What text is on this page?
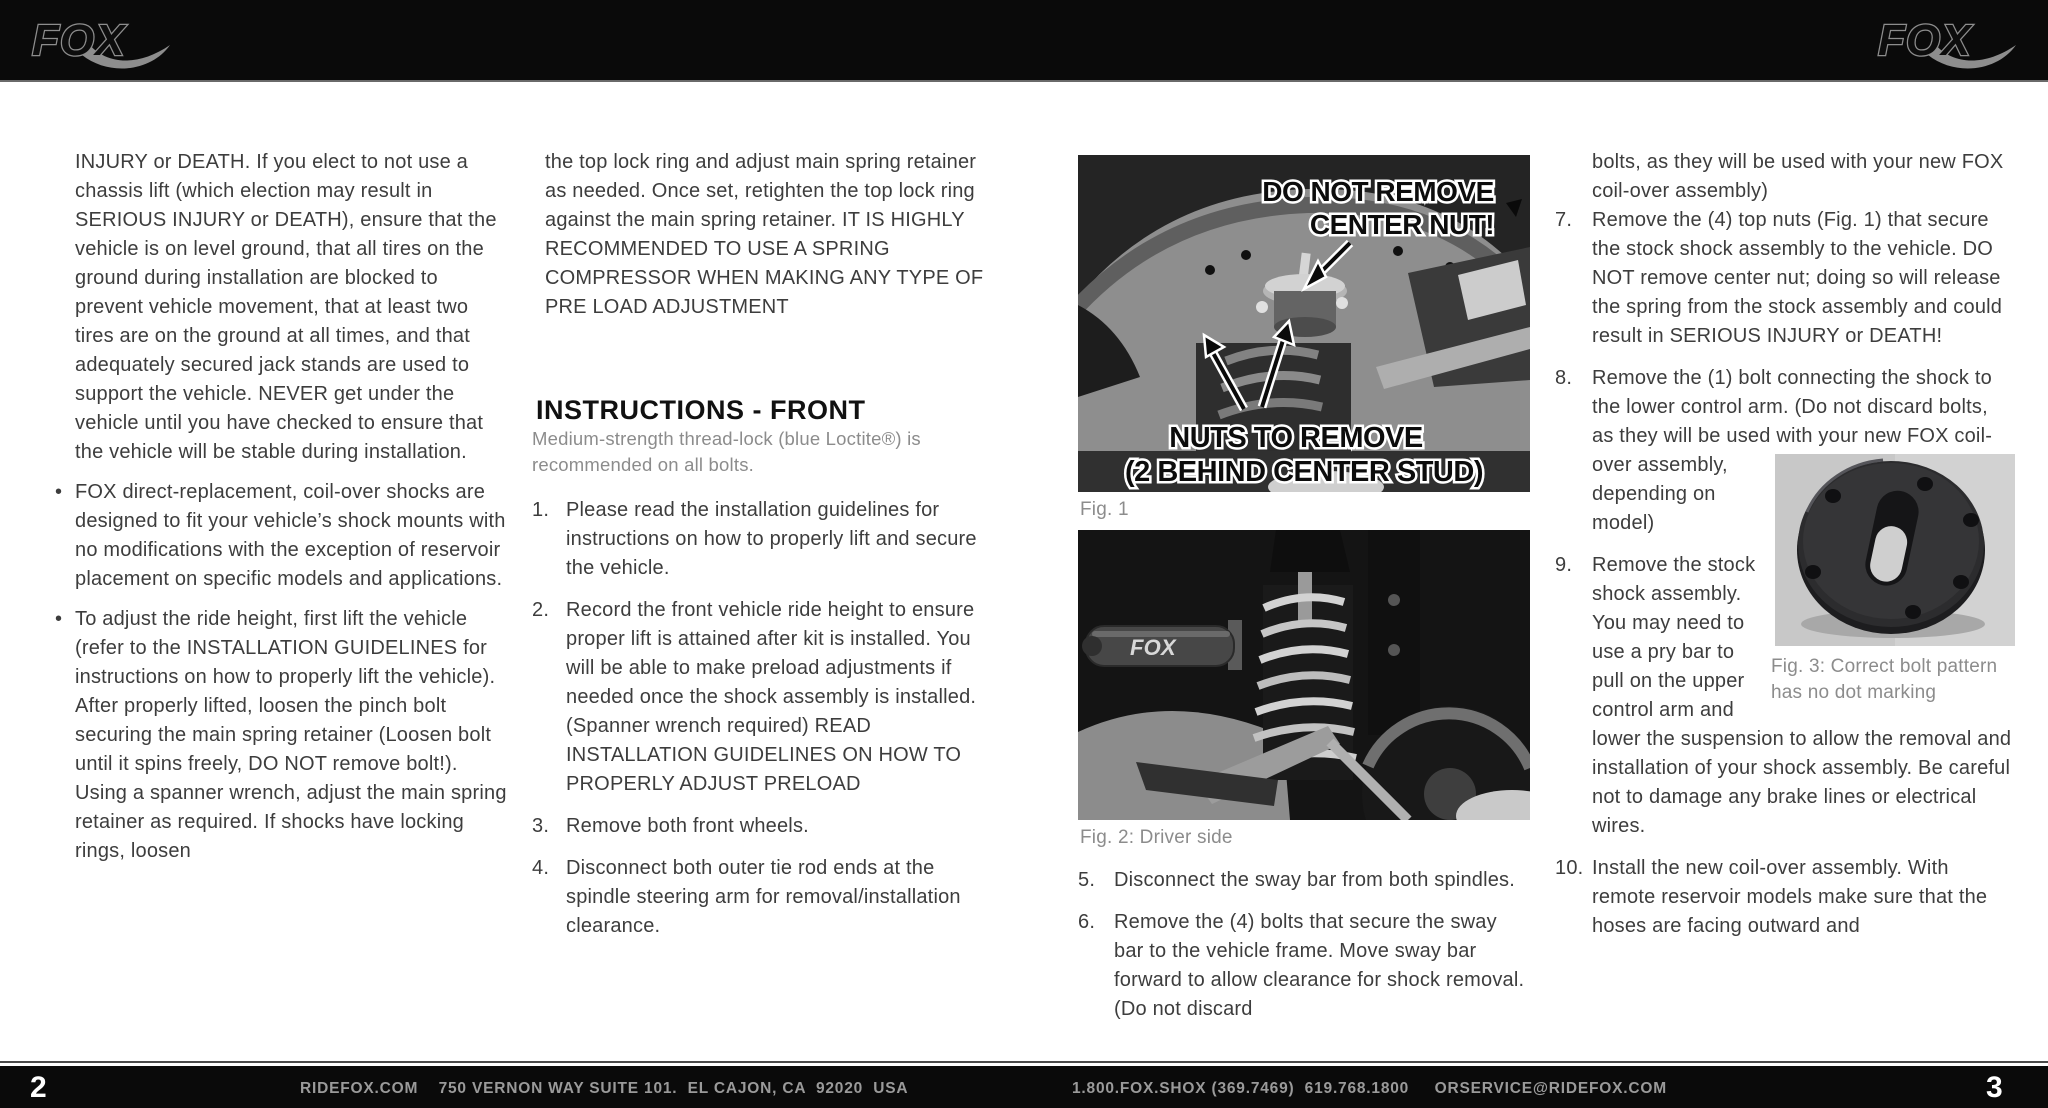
FOX	FOX

INJURY or DEATH. If you elect to not use a chassis lift (which election may result in SERIOUS INJURY or DEATH), ensure that the vehicle is on level ground, that all tires on the ground during installation are blocked to prevent vehicle movement, that at least two tires are on the ground at all times, and that adequately secured jack stands are used to support the vehicle. NEVER get under the vehicle until you have checked to ensure that the vehicle will be stable during installation.

• FOX direct-replacement, coil-over shocks are designed to fit your vehicle’s shock mounts with no modifications with the exception of reservoir placement on specific models and applications.
• To adjust the ride height, first lift the vehicle (refer to the INSTALLATION GUIDELINES for instructions on how to properly lift the vehicle). After properly lifted, loosen the pinch bolt securing the main spring retainer (Loosen bolt until it spins freely, DO NOT remove bolt!). Using a spanner wrench, adjust the main spring retainer as required. If shocks have locking rings, loosen

the top lock ring and adjust main spring retainer as needed. Once set, retighten the top lock ring against the main spring retainer. IT IS HIGHLY RECOMMENDED TO USE A SPRING COMPRESSOR WHEN MAKING ANY TYPE OF PRE LOAD ADJUSTMENT

INSTRUCTIONS - FRONT

Medium-strength thread-lock (blue Loctite®) is recommended on all bolts.

1. Please read the installation guidelines for instructions on how to properly lift and secure the vehicle.
2. Record the front vehicle ride height to ensure proper lift is attained after kit is installed. You will be able to make preload adjustments if needed once the shock assembly is installed. (Spanner wrench required) READ INSTALLATION GUIDELINES ON HOW TO PROPERLY ADJUST PRELOAD
3. Remove both front wheels.
4. Disconnect both outer tie rod ends at the spindle steering arm for removal/installation clearance.
DO NOT REMOVE
CENTER NUT!
NUTS TO REMOVE
(2 BEHIND CENTER STUD)
Fig. 1
FOX
Fig. 2: Driver side
5. Disconnect the sway bar from both spindles.
6. Remove the (4) bolts that secure the sway bar to the vehicle frame. Move sway bar forward to allow clearance for shock removal. (Do not discard

bolts, as they will be used with your new FOX coil-over assembly)

7. Remove the (4) top nuts (Fig. 1) that secure the stock shock assembly to the vehicle. DO NOT remove center nut; doing so will release the spring from the stock assembly and could result in SERIOUS INJURY or DEATH!
8. Remove the (1) bolt connecting the shock to the lower control arm. (Do not discard bolts, as they will be used
Fig. 3: Correct bolt pattern has no dot marking
with your new FOX coil-over assembly, depending on model)
9. Remove the stock shock assembly. You may need to use a pry bar to pull on the upper control arm and lower the suspension to allow the removal and installation of your shock assembly. Be careful not to damage any brake lines or electrical wires.
10. Install the new coil-over assembly. With remote reservoir models make sure that the hoses are facing outward and
2	RIDEFOX.COM    750 VERNON WAY SUITE 101.  EL CAJON, CA  92020  USA	1.800.FOX.SHOX (369.7469)  619.768.1800     ORSERVICE@RIDEFOX.COM	3
